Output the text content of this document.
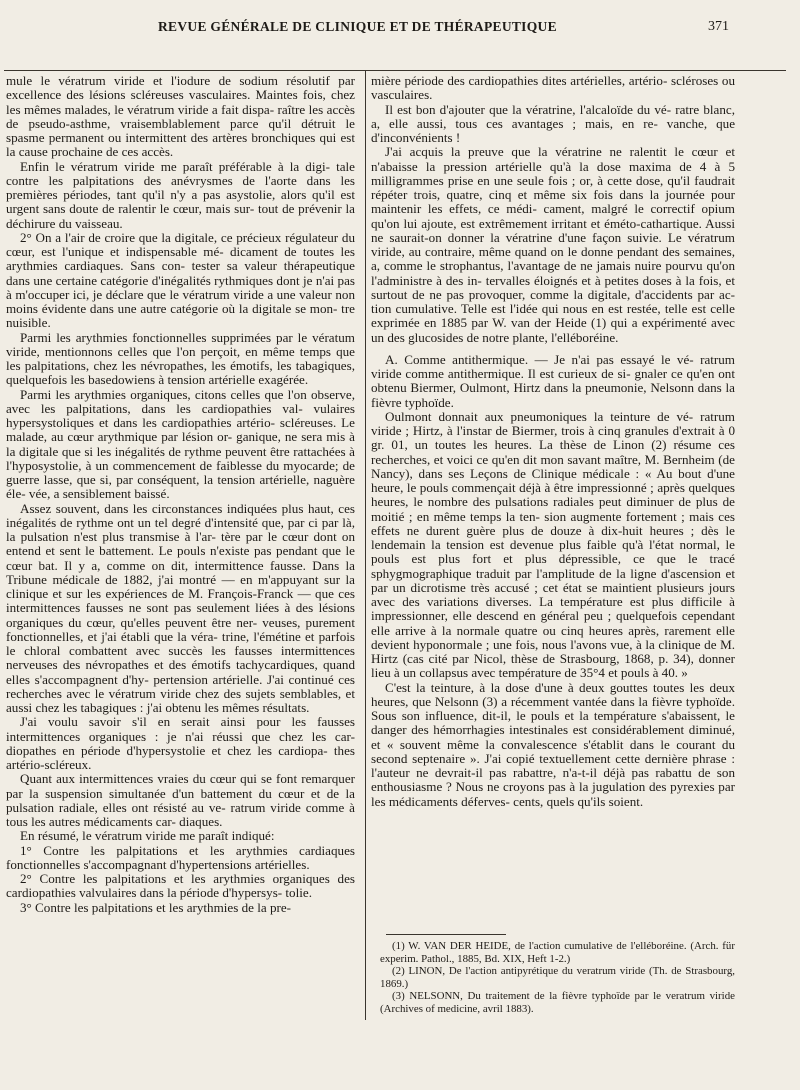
REVUE GÉNÉRALE DE CLINIQUE ET DE THÉRAPEUTIQUE	371

mule le vératrum viride et l'iodure de sodium résolutif par excellence des lésions scléreuses vasculaires. Maintes fois, chez les mêmes malades, le vératrum viride a fait dispa- raître les accès de pseudo-asthme, vraisemblablement parce qu'il détruit le spasme permanent ou intermittent des artères bronchiques qui est la cause prochaine de ces accès.

Enfin le vératrum viride me paraît préférable à la digi- tale contre les palpitations des anévrysmes de l'aorte dans les premières périodes, tant qu'il n'y a pas asystolie, alors qu'il est urgent sans doute de ralentir le cœur, mais sur- tout de prévenir la déchirure du vaisseau.

2° On a l'air de croire que la digitale, ce précieux régulateur du cœur, est l'unique et indispensable mé- dicament de toutes les arythmies cardiaques. Sans con- tester sa valeur thérapeutique dans une certaine catégorie d'inégalités rythmiques dont je n'ai pas à m'occuper ici, je déclare que le vératrum viride a une valeur non moins évidente dans une autre catégorie où la digitale se mon- tre nuisible.

Parmi les arythmies fonctionnelles supprimées par le vératum viride, mentionnons celles que l'on perçoit, en même temps que les palpitations, chez les névropathes, les émotifs, les tabagiques, quelquefois les basedowiens à tension artérielle exagérée.

Parmi les arythmies organiques, citons celles que l'on observe, avec les palpitations, dans les cardiopathies val- vulaires hypersystoliques et dans les cardiopathies artério- scléreuses. Le malade, au cœur arythmique par lésion or- ganique, ne sera mis à la digitale que si les inégalités de rythme peuvent être rattachées à l'hyposystolie, à un commencement de faiblesse du myocarde; de guerre lasse, que si, par conséquent, la tension artérielle, naguère éle- vée, a sensiblement baissé.

Assez souvent, dans les circonstances indiquées plus haut, ces inégalités de rythme ont un tel degré d'intensité que, par ci par là, la pulsation n'est plus transmise à l'ar- tère par le cœur dont on entend et sent le battement. Le pouls n'existe pas pendant que le cœur bat. Il y a, comme on dit, intermittence fausse. Dans la Tribune médicale de 1882, j'ai montré — en m'appuyant sur la clinique et sur les expériences de M. François-Franck — que ces intermittences fausses ne sont pas seulement liées à des lésions organiques du cœur, qu'elles peuvent être ner- veuses, purement fonctionnelles, et j'ai établi que la véra- trine, l'émétine et parfois le chloral combattent avec succès les fausses intermittences nerveuses des névropathes et des émotifs tachycardiques, quand elles s'accompagnent d'hy- pertension artérielle. J'ai continué ces recherches avec le vératrum viride chez des sujets semblables, et aussi chez les tabagiques : j'ai obtenu les mêmes résultats.

J'ai voulu savoir s'il en serait ainsi pour les fausses intermittences organiques : je n'ai réussi que chez les car- diopathes en période d'hypersystolie et chez les cardiopa- thes artério-scléreux.

Quant aux intermittences vraies du cœur qui se font remarquer par la suspension simultanée d'un battement du cœur et de la pulsation radiale, elles ont résisté au ve- ratrum viride comme à tous les autres médicaments car- diaques.

En résumé, le vératrum viride me paraît indiqué:

1° Contre les palpitations et les arythmies cardiaques fonctionnelles s'accompagnant d'hypertensions artérielles.

2° Contre les palpitations et les arythmies organiques des cardiopathies valvulaires dans la période d'hypersys- tolie.

3° Contre les palpitations et les arythmies de la pre-

mière période des cardiopathies dites artérielles, artério- scléroses ou vasculaires.

Il est bon d'ajouter que la vératrine, l'alcaloïde du vé- ratre blanc, a, elle aussi, tous ces avantages ; mais, en re- vanche, que d'inconvénients !

J'ai acquis la preuve que la vératrine ne ralentit le cœur et n'abaisse la pression artérielle qu'à la dose maxima de 4 à 5 milligrammes prise en une seule fois ; or, à cette dose, qu'il faudrait répéter trois, quatre, cinq et même six fois dans la journée pour maintenir les effets, ce médi- cament, malgré le correctif opium qu'on lui ajoute, est extrêmement irritant et éméto-cathartique. Aussi ne saurait-on donner la vératrine d'une façon suivie. Le vératrum viride, au contraire, même quand on le donne pendant des semaines, a, comme le strophantus, l'avantage de ne jamais nuire pourvu qu'on l'administre à des in- tervalles éloignés et à petites doses à la fois, et surtout de ne pas provoquer, comme la digitale, d'accidents par ac- tion cumulative. Telle est l'idée qui nous en est restée, telle est celle exprimée en 1885 par W. van der Heide (1) qui a expérimenté avec un des glucosides de notre plante, l'elléboréine.

A. Comme antithermique. — Je n'ai pas essayé le vé- ratrum viride comme antithermique. Il est curieux de si- gnaler ce qu'en ont obtenu Biermer, Oulmont, Hirtz dans la pneumonie, Nelsonn dans la fièvre typhoïde.

Oulmont donnait aux pneumoniques la teinture de vé- ratrum viride ; Hirtz, à l'instar de Biermer, trois à cinq granules d'extrait à 0 gr. 01, un toutes les heures. La thèse de Linon (2) résume ces recherches, et voici ce qu'en dit mon savant maître, M. Bernheim (de Nancy), dans ses Leçons de Clinique médicale : « Au bout d'une heure, le pouls commençait déjà à être impressionné ; après quelques heures, le nombre des pulsations radiales peut diminuer de plus de moitié ; en même temps la ten- sion augmente fortement ; mais ces effets ne durent guère plus de douze à dix-huit heures ; dès le lendemain la tension est devenue plus faible qu'à l'état normal, le pouls est plus fort et plus dépressible, ce que le tracé sphygmographique traduit par l'amplitude de la ligne d'ascension et par un dicrotisme très accusé ; cet état se maintient plusieurs jours avec des variations diverses. La température est plus difficile à impressionner, elle descend en général peu ; quelquefois cependant elle arrive à la normale quatre ou cinq heures après, rarement elle devient hyponormale ; une fois, nous l'avons vue, à la clinique de M. Hirtz (cas cité par Nicol, thèse de Strasbourg, 1868, p. 34), donner lieu à un collapsus avec température de 35°4 et pouls à 40. »

C'est la teinture, à la dose d'une à deux gouttes toutes les deux heures, que Nelsonn (3) a récemment vantée dans la fièvre typhoïde. Sous son influence, dit-il, le pouls et la température s'abaissent, le danger des hémorrhagies intestinales est considérablement diminué, et « souvent même la convalescence s'établit dans le courant du second septenaire ». J'ai copié textuellement cette dernière phrase : l'auteur ne devrait-il pas rabattre, n'a-t-il déjà pas rabattu de son enthousiasme ? Nous ne croyons pas à la jugulation des pyrexies par les médicaments déferves- cents, quels qu'ils soient.

(1) W. VAN DER HEIDE, de l'action cumulative de l'elléboréine. (Arch. für experim. Pathol., 1885, Bd. XIX, Heft 1-2.)

(2) LINON, De l'action antipyrétique du veratrum viride (Th. de Strasbourg, 1869.)

(3) NELSONN, Du traitement de la fièvre typhoïde par le veratrum viride (Archives of medicine, avril 1883).
